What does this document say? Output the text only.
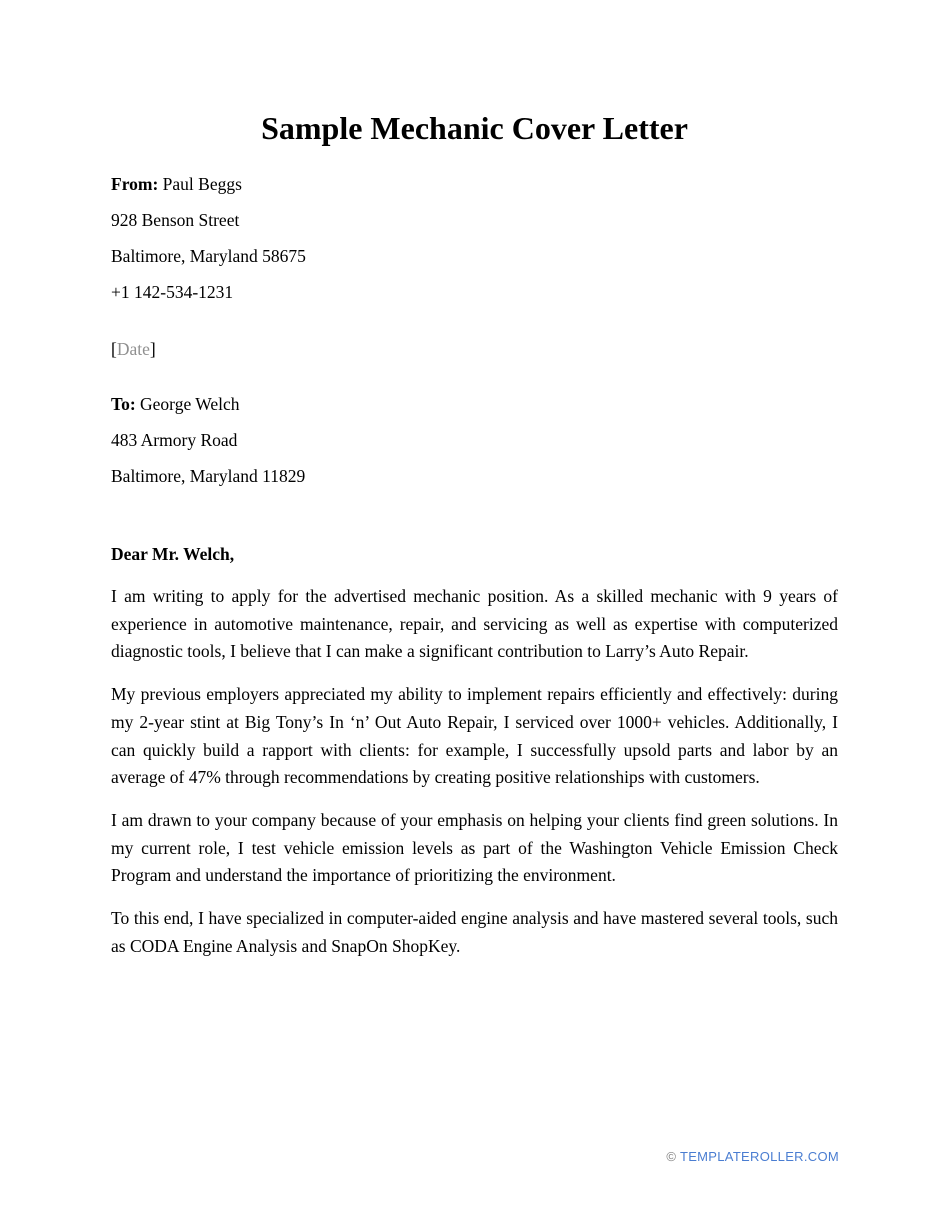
Sample Mechanic Cover Letter

From: Paul Beggs

928 Benson Street

Baltimore, Maryland 58675

+1 142-534-1231

[Date]

To: George Welch

483 Armory Road

Baltimore, Maryland 11829

Dear Mr. Welch,

I am writing to apply for the advertised mechanic position. As a skilled mechanic with 9 years of experience in automotive maintenance, repair, and servicing as well as expertise with computerized diagnostic tools, I believe that I can make a significant contribution to Larry’s Auto Repair.

My previous employers appreciated my ability to implement repairs efficiently and effectively: during my 2-year stint at Big Tony’s In ‘n’ Out Auto Repair, I serviced over 1000+ vehicles. Additionally, I can quickly build a rapport with clients: for example, I successfully upsold parts and labor by an average of 47% through recommendations by creating positive relationships with customers.

I am drawn to your company because of your emphasis on helping your clients find green solutions. In my current role, I test vehicle emission levels as part of the Washington Vehicle Emission Check Program and understand the importance of prioritizing the environment.

To this end, I have specialized in computer-aided engine analysis and have mastered several tools, such as CODA Engine Analysis and SnapOn ShopKey.

© TEMPLATEROLLER.COM
